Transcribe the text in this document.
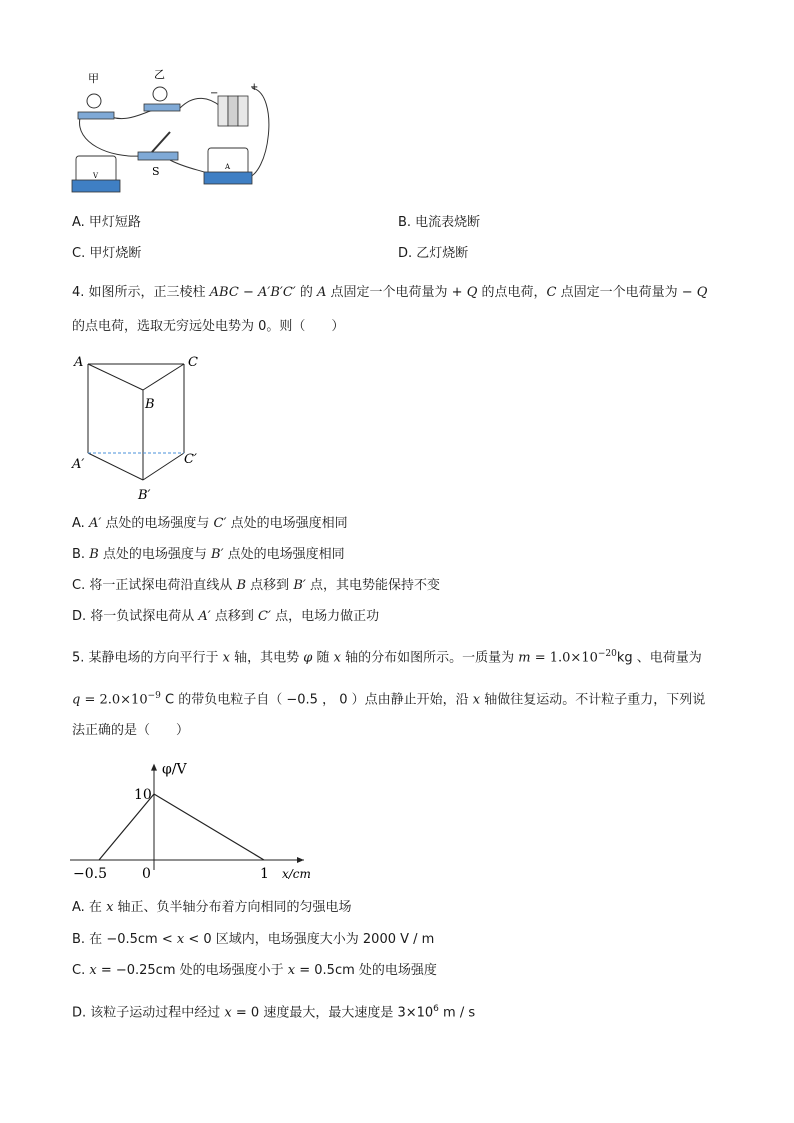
甲	乙
−
+
S
V
A
A. 甲灯短路	B. 电流表烧断
C. 甲灯烧断	D. 乙灯烧断
4. 如图所示，正三棱柱 ABC − A′B′C′ 的 A 点固定一个电荷量为 + Q 的点电荷，C 点固定一个电荷量为 − Q
的点电荷，选取无穷远处电势为 0。则（　　）
A	C
B
A′	C′
B′
A. A′ 点处的电场强度与 C′ 点处的电场强度相同
B. B 点处的电场强度与 B′ 点处的电场强度相同
C. 将一正试探电荷沿直线从 B 点移到 B′ 点，其电势能保持不变
D. 将一负试探电荷从 A′ 点移到 C′ 点，电场力做正功
5. 某静电场的方向平行于 x 轴，其电势 φ 随 x 轴的分布如图所示。一质量为 $m = 1.0\times 10^{-20}kg$ 、电荷量为
$q = 2.0\times 10^{-9}$ C 的带负电粒子自（ −0.5 ， 0 ）点由静止开始，沿 x 轴做往复运动。不计粒子重力，下列说
法正确的是（　　）
φ/V
x/cm
10
−0.5	0	1
A. 在 x 轴正、负半轴分布着方向相同的匀强电场
B. 在 −0.5cm < x < 0 区域内，电场强度大小为 2000 V / m
C. x = −0.25cm 处的电场强度小于 x = 0.5cm 处的电场强度
D. 该粒子运动过程中经过 x = 0 速度最大，最大速度是 $3\times 10^6$ m / s
